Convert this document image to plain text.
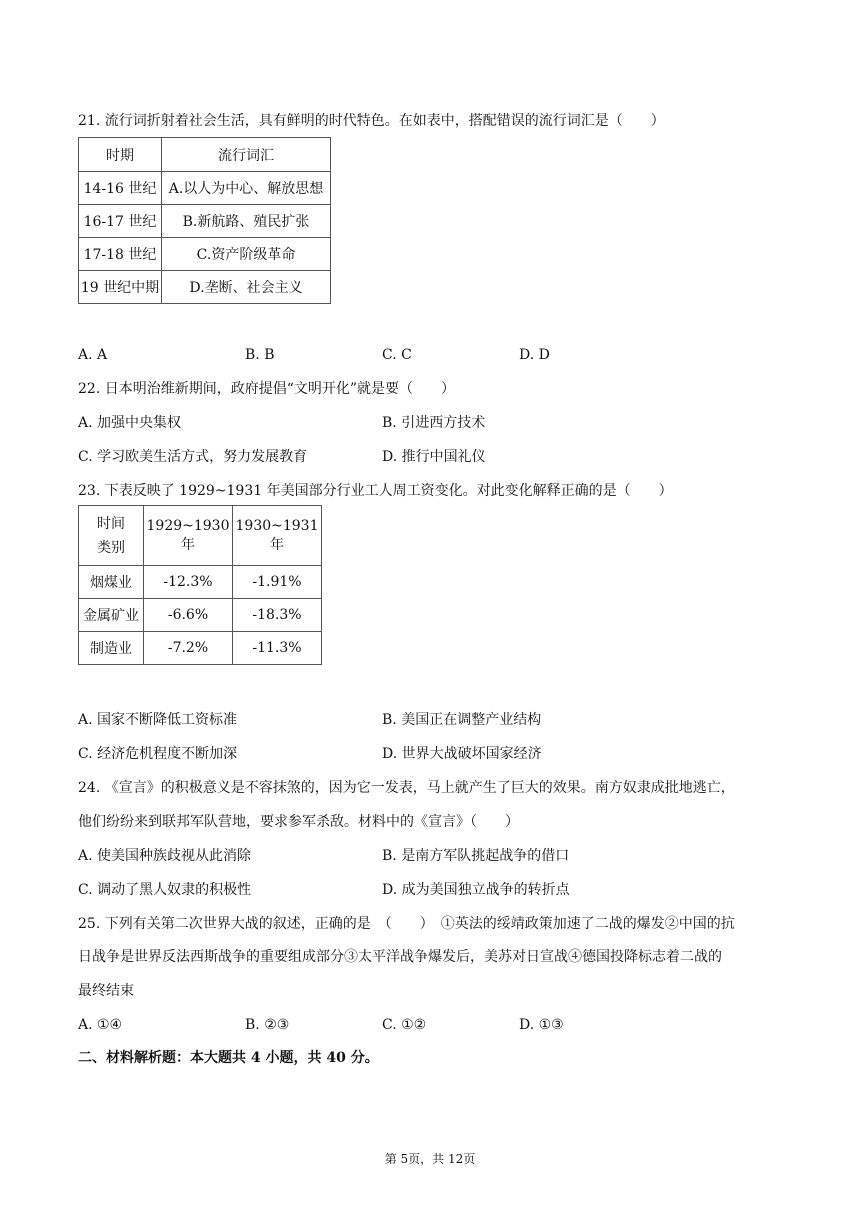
21. 流行词折射着社会生活，具有鲜明的时代特色。在如表中，搭配错误的流行词汇是（　　）
时期	流行词汇
14-16 世纪	A.以人为中心、解放思想
16-17 世纪	B.新航路、殖民扩张
17-18 世纪	C.资产阶级革命
19 世纪中期	D.垄断、社会主义
A. A	B. B	C. C	D. D
22. 日本明治维新期间，政府提倡“文明开化”就是要（　　）
A. 加强中央集权	B. 引进西方技术
C. 学习欧美生活方式，努力发展教育	D. 推行中国礼仪
23. 下表反映了 1929~1931 年美国部分行业工人周工资变化。对此变化解释正确的是（　　）
时间
类别	1929~1930 年	1930~1931 年
烟煤业	-12.3%	-1.91%
金属矿业	-6.6%	-18.3%
制造业	-7.2%	-11.3%
A. 国家不断降低工资标准	B. 美国正在调整产业结构
C. 经济危机程度不断加深	D. 世界大战破坏国家经济
24. 《宣言》的积极意义是不容抹煞的，因为它一发表，马上就产生了巨大的效果。南方奴隶成批地逃亡，
他们纷纷来到联邦军队营地，要求参军杀敌。材料中的《宣言》（　　）
A. 使美国种族歧视从此消除	B. 是南方军队挑起战争的借口
C. 调动了黑人奴隶的积极性	D. 成为美国独立战争的转折点
25. 下列有关第二次世界大战的叙述，正确的是　（　　）　①英法的绥靖政策加速了二战的爆发②中国的抗
日战争是世界反法西斯战争的重要组成部分③太平洋战争爆发后，美苏对日宣战④德国投降标志着二战的
最终结束
A. ①④	B. ②③	C. ①②	D. ①③
二、材料解析题：本大题共 4 小题，共 40 分。
第 5页，共 12页
